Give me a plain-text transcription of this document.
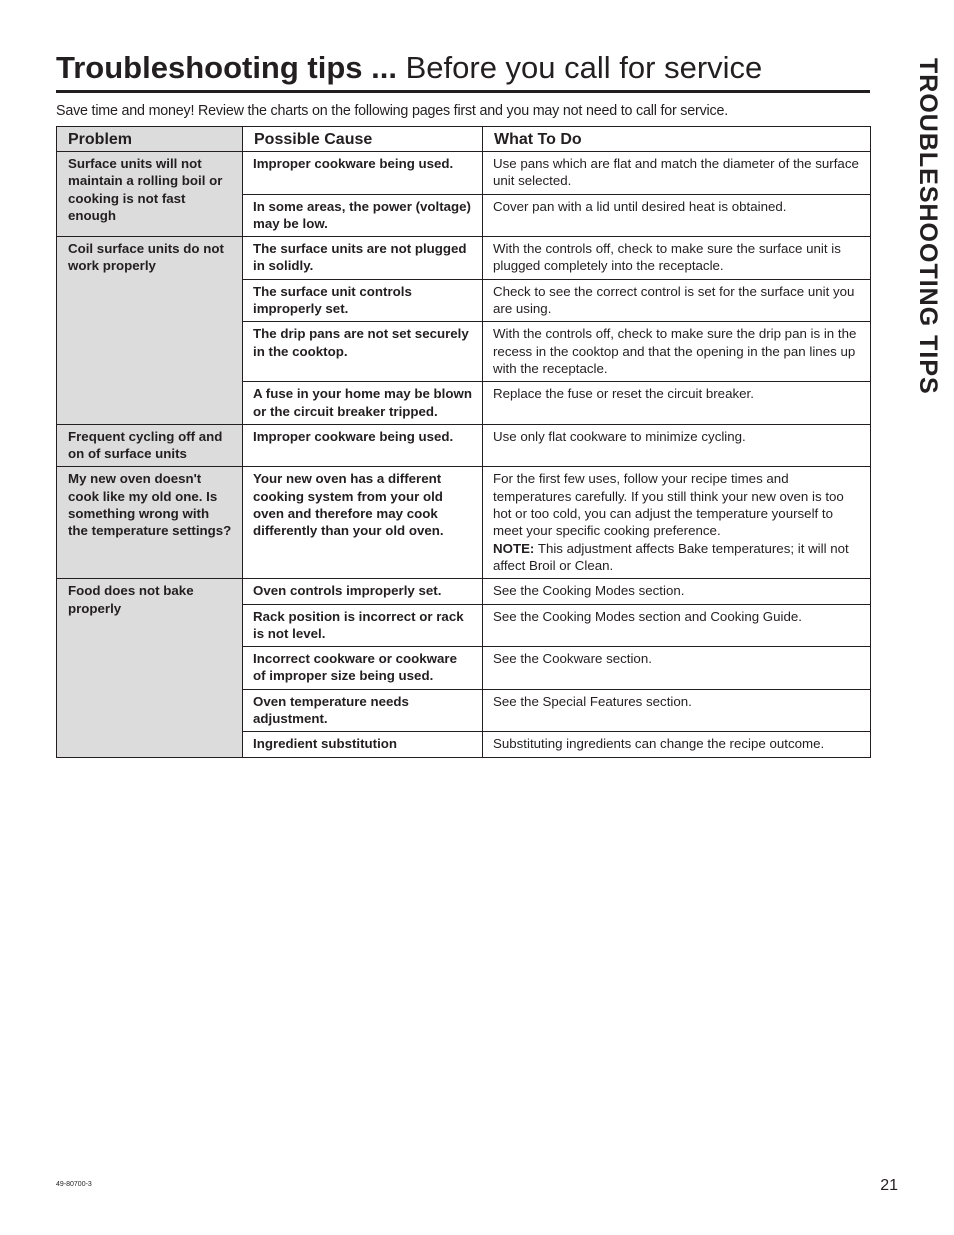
Troubleshooting tips ... Before you call for service	TROUBLESHOOTING TIPS
Save time and money! Review the charts on the following pages first and you may not need to call for service.
Problem	Possible Cause	What To Do
Surface units will not maintain a rolling boil or cooking is not fast enough	Improper cookware being used.	Use pans which are flat and match the diameter of the surface unit selected.
	In some areas, the power (voltage) may be low.	Cover pan with a lid until desired heat is obtained.
Coil surface units do not work properly	The surface units are not plugged in solidly.	With the controls off, check to make sure the surface unit is plugged completely into the receptacle.
	The surface unit controls improperly set.	Check to see the correct control is set for the surface unit you are using.
	The drip pans are not set securely in the cooktop.	With the controls off, check to make sure the drip pan is in the recess in the cooktop and that the opening in the pan lines up with the receptacle.
	A fuse in your home may be blown or the circuit breaker tripped.	Replace the fuse or reset the circuit breaker.
Frequent cycling off and on of surface units	Improper cookware being used.	Use only flat cookware to minimize cycling.
My new oven doesn't cook like my old one. Is something wrong with the temperature settings?	Your new oven has a different cooking system from your old oven and therefore may cook differently than your old oven.	For the first few uses, follow your recipe times and temperatures carefully. If you still think your new oven is too hot or too cold, you can adjust the temperature yourself to meet your specific cooking preference.
NOTE: This adjustment affects Bake temperatures; it will not affect Broil or Clean.
Food does not bake properly	Oven controls improperly set.	See the Cooking Modes section.
	Rack position is incorrect or rack is not level.	See the Cooking Modes section and Cooking Guide.
	Incorrect cookware or cookware of improper size being used.	See the Cookware section.
	Oven temperature needs adjustment.	See the Special Features section.
	Ingredient substitution	Substituting ingredients can change the recipe outcome.
49-80700-3	21
